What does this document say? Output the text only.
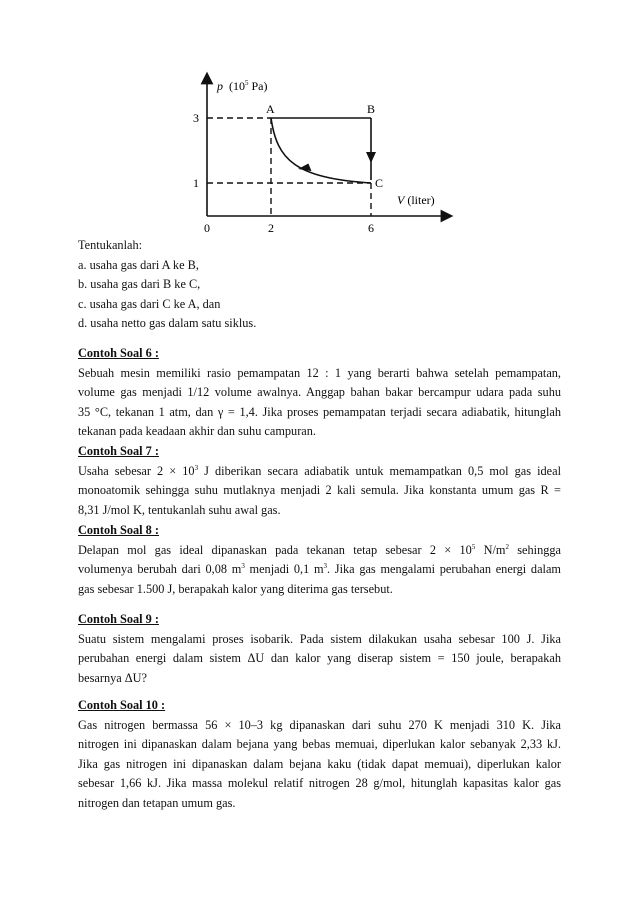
p ($10^5$ Pa)
V (liter)
A	B
C
3
1
0	2	6
Tentukanlah:
a. usaha gas dari A ke B,
b. usaha gas dari B ke C,
c. usaha gas dari C ke A, dan
d. usaha netto gas dalam satu siklus.
Contoh Soal 6 :
Sebuah mesin memiliki rasio pemampatan 12 : 1 yang berarti bahwa setelah pemampatan,
volume gas menjadi 1/12 volume awalnya. Anggap bahan bakar bercampur udara pada suhu
35 °C, tekanan 1 atm, dan γ = 1,4. Jika proses pemampatan terjadi secara adiabatik, hitunglah
tekanan pada keadaan akhir dan suhu campuran.
Contoh Soal 7 :
Usaha sebesar $2 \times 10^3$ J diberikan secara adiabatik untuk memampatkan 0,5 mol gas ideal
monoatomik sehingga suhu mutlaknya menjadi 2 kali semula. Jika konstanta umum gas R =
8,31 J/mol K, tentukanlah suhu awal gas.
Contoh Soal 8 :
Delapan mol gas ideal dipanaskan pada tekanan tetap sebesar $2 \times 10^5$ $N/m^2$ sehingga
volumenya berubah dari 0,08 $m^3$ menjadi 0,1 $m^3$. Jika gas mengalami perubahan energi dalam
gas sebesar 1.500 J, berapakah kalor yang diterima gas tersebut.
Contoh Soal 9 :
Suatu sistem mengalami proses isobarik. Pada sistem dilakukan usaha sebesar 100 J. Jika
perubahan energi dalam sistem ΔU dan kalor yang diserap sistem = 150 joule, berapakah
besarnya ΔU?
Contoh Soal 10 :
Gas nitrogen bermassa 56 × 10–3 kg dipanaskan dari suhu 270 K menjadi 310 K. Jika
nitrogen ini dipanaskan dalam bejana yang bebas memuai, diperlukan kalor sebanyak 2,33 kJ.
Jika gas nitrogen ini dipanaskan dalam bejana kaku (tidak dapat memuai), diperlukan kalor
sebesar 1,66 kJ. Jika massa molekul relatif nitrogen 28 g/mol, hitunglah kapasitas kalor gas
nitrogen dan tetapan umum gas.
